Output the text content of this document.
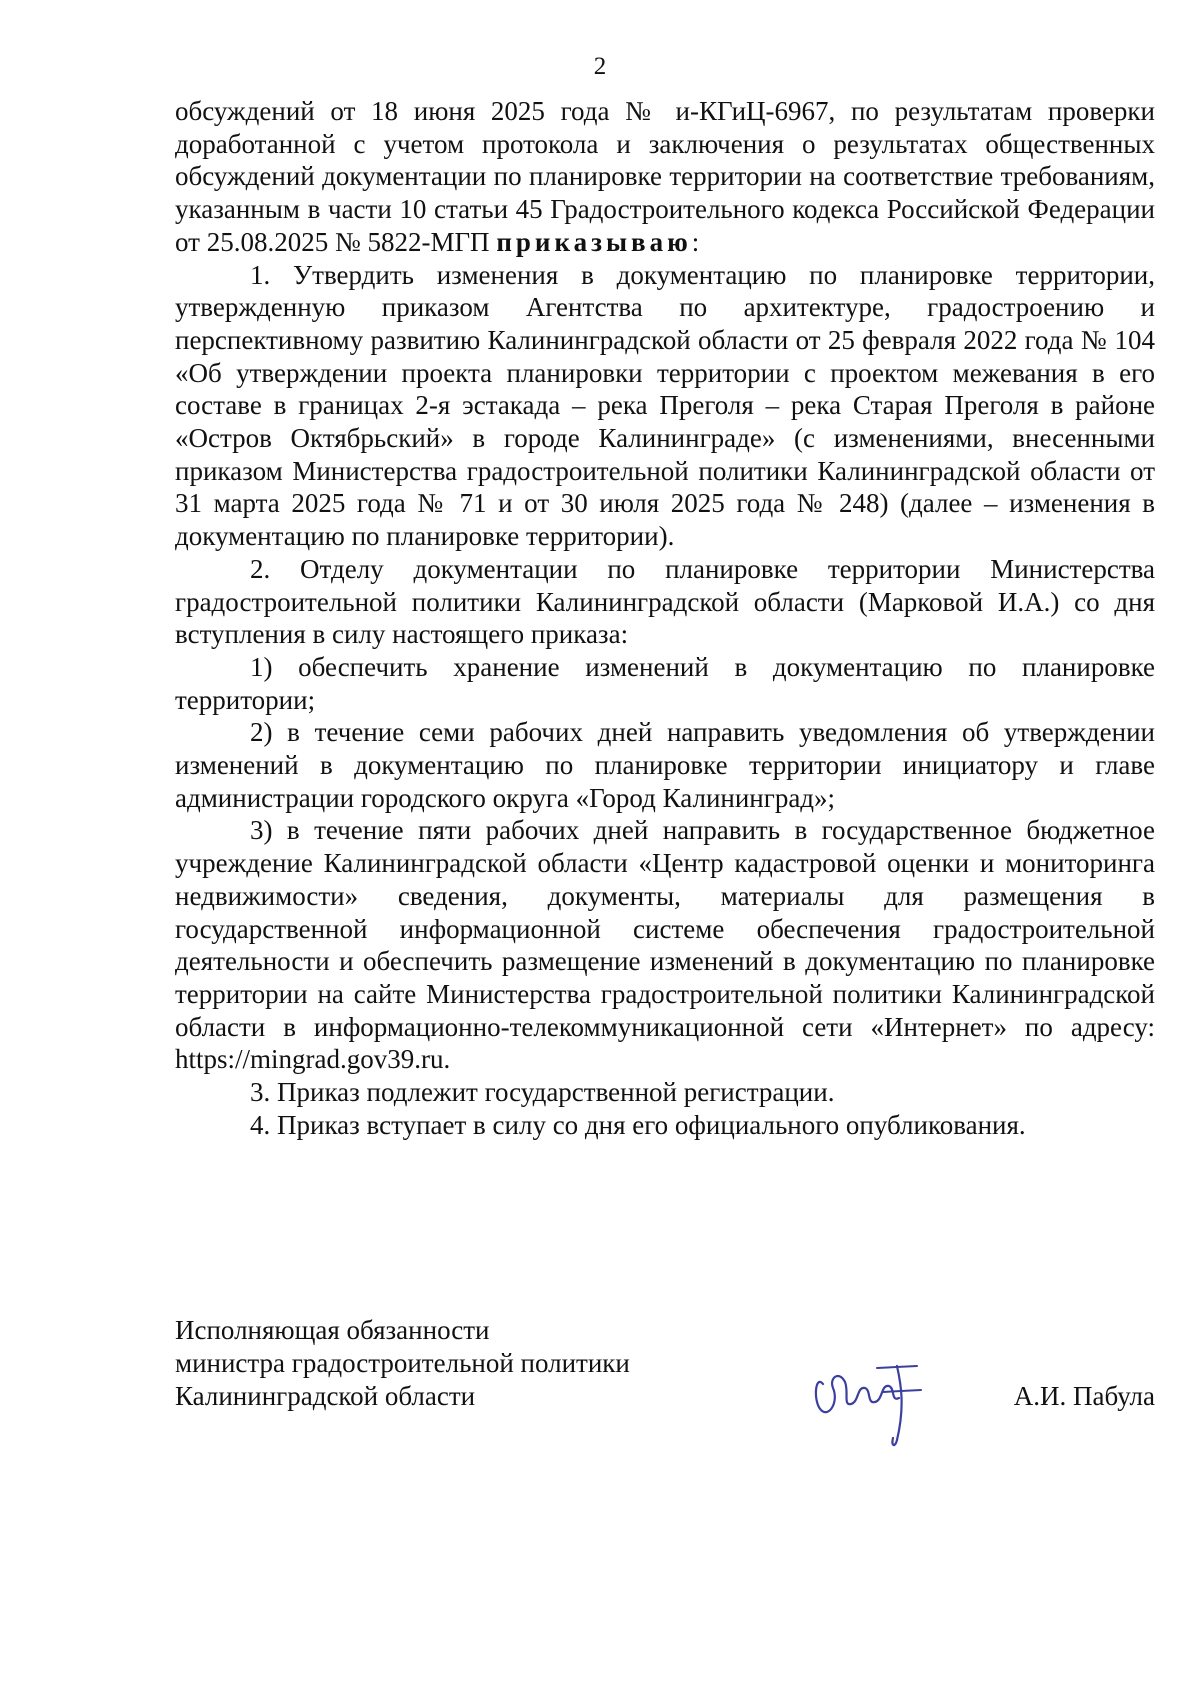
2

обсуждений от 18 июня 2025 года № и-КГиЦ-6967, по результатам проверки доработанной с учетом протокола и заключения о результатах общественных обсуждений документации по планировке территории на соответствие требованиям, указанным в части 10 статьи 45 Градостроительного кодекса Российской Федерации от 25.08.2025 № 5822-МГП приказываю:

1. Утвердить изменения в документацию по планировке территории, утвержденную приказом Агентства по архитектуре, градостроению и перспективному развитию Калининградской области от 25 февраля 2022 года № 104 «Об утверждении проекта планировки территории с проектом межевания в его составе в границах 2-я эстакада – река Преголя – река Старая Преголя в районе «Остров Октябрьский» в городе Калининграде» (с изменениями, внесенными приказом Министерства градостроительной политики Калининградской области от 31 марта 2025 года № 71 и от 30 июля 2025 года № 248) (далее – изменения в документацию по планировке территории).

2. Отделу документации по планировке территории Министерства градостроительной политики Калининградской области (Марковой И.А.) со дня вступления в силу настоящего приказа:

1) обеспечить хранение изменений в документацию по планировке территории;

2) в течение семи рабочих дней направить уведомления об утверждении изменений в документацию по планировке территории инициатору и главе администрации городского округа «Город Калининград»;

3) в течение пяти рабочих дней направить в государственное бюджетное учреждение Калининградской области «Центр кадастровой оценки и мониторинга недвижимости» сведения, документы, материалы для размещения в государственной информационной системе обеспечения градостроительной деятельности и обеспечить размещение изменений в документацию по планировке территории на сайте Министерства градостроительной политики Калининградской области в информационно-телекоммуникационной сети «Интернет» по адресу: https://mingrad.gov39.ru.

3. Приказ подлежит государственной регистрации.

4. Приказ вступает в силу со дня его официального опубликования.

Исполняющая обязанности
министра градостроительной политики
Калининградской области	А.И. Пабула
